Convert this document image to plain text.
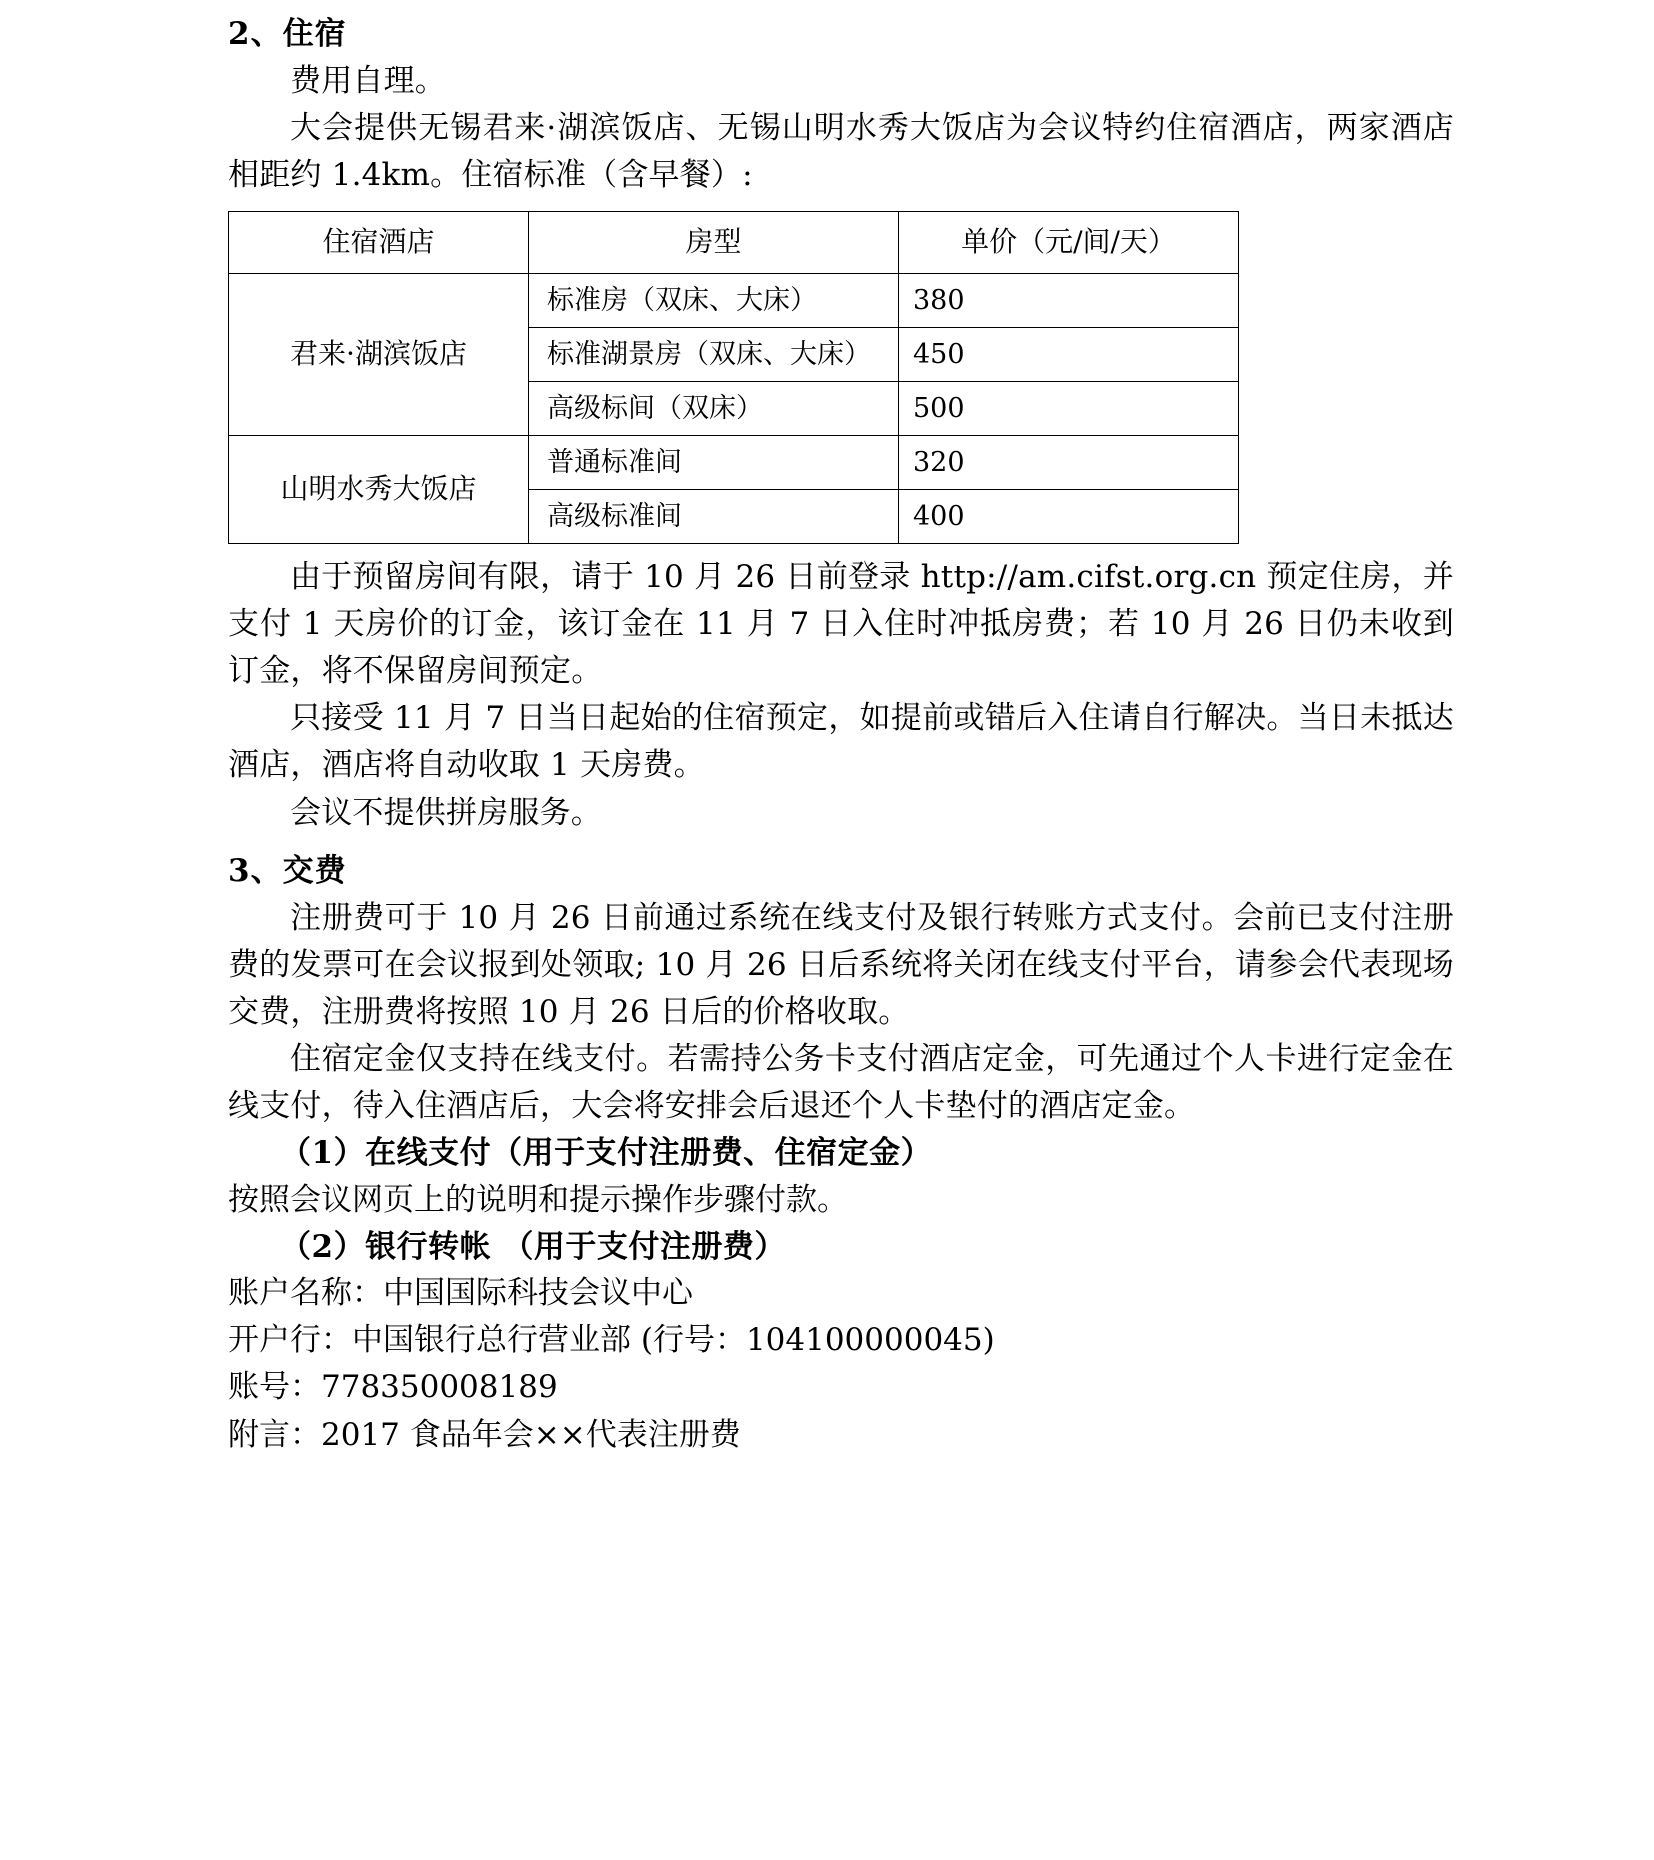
2、住宿
费用自理。
大会提供无锡君来·湖滨饭店、无锡山明水秀大饭店为会议特约住宿酒店，两家酒店相距约 1.4km。住宿标准（含早餐）:
住宿酒店	房型	单价（元/间/天）
君来·湖滨饭店	标准房（双床、大床）	380
	标准湖景房（双床、大床）	450
	高级标间（双床）	500
山明水秀大饭店	普通标准间	320
	高级标准间	400
由于预留房间有限，请于 10 月 26 日前登录 http://am.cifst.org.cn 预定住房，并支付 1 天房价的订金，该订金在 11 月 7 日入住时冲抵房费；若 10 月 26 日仍未收到订金，将不保留房间预定。
只接受 11 月 7 日当日起始的住宿预定，如提前或错后入住请自行解决。当日未抵达酒店，酒店将自动收取 1 天房费。
会议不提供拼房服务。
3、交费
注册费可于 10 月 26 日前通过系统在线支付及银行转账方式支付。会前已支付注册费的发票可在会议报到处领取; 10 月 26 日后系统将关闭在线支付平台，请参会代表现场交费，注册费将按照 10 月 26 日后的价格收取。
住宿定金仅支持在线支付。若需持公务卡支付酒店定金，可先通过个人卡进行定金在线支付，待入住酒店后，大会将安排会后退还个人卡垫付的酒店定金。
（1）在线支付（用于支付注册费、住宿定金）
按照会议网页上的说明和提示操作步骤付款。
（2）银行转帐 （用于支付注册费）
账户名称：中国国际科技会议中心
开户行：中国银行总行营业部 (行号：104100000045)
账号：778350008189
附言：2017 食品年会××代表注册费
